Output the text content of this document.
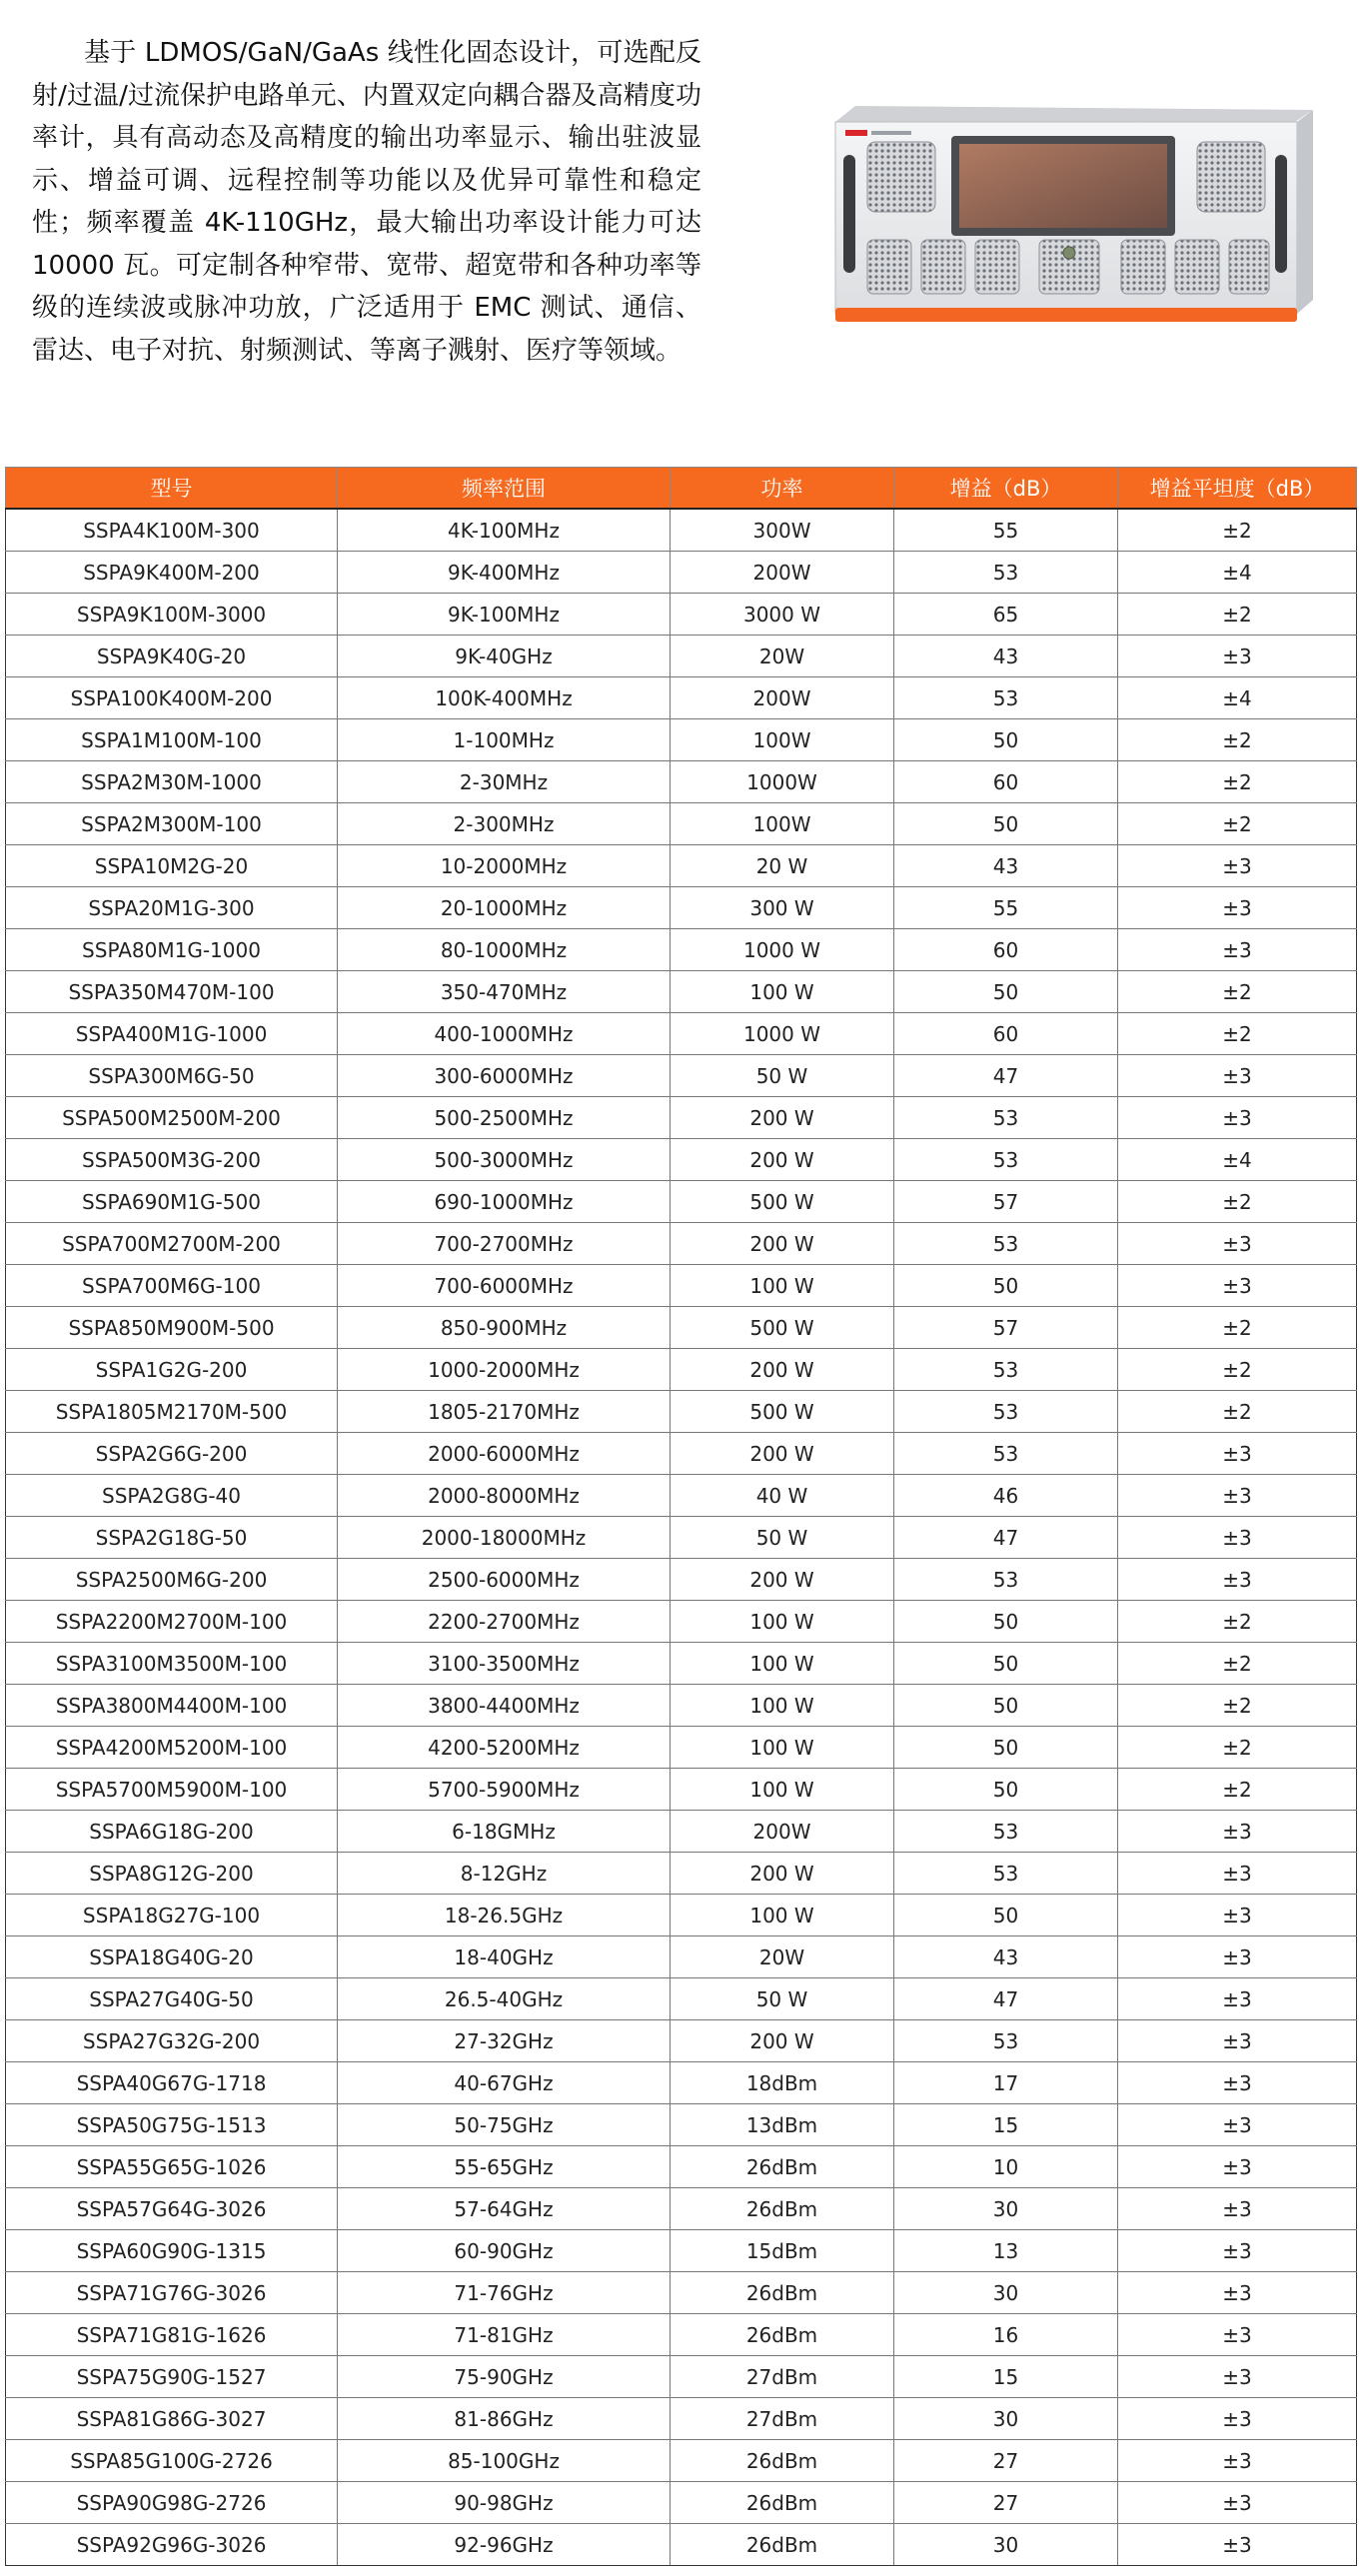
基于 LDMOS/GaN/GaAs 线性化固态设计，可选配反射/过温/过流保护电路单元、内置双定向耦合器及高精度功率计，具有高动态及高精度的输出功率显示、输出驻波显示、增益可调、远程控制等功能以及优异可靠性和稳定性；频率覆盖 4K-110GHz，最大输出功率设计能力可达 10000 瓦。可定制各种窄带、宽带、超宽带和各种功率等级的连续波或脉冲功放，广泛适用于 EMC 测试、通信、雷达、电子对抗、射频测试、等离子溅射、医疗等领域。

型号	频率范围	功率	增益（dB）	增益平坦度（dB）
SSPA4K100M-300	4K-100MHz	300W	55	±2
SSPA9K400M-200	9K-400MHz	200W	53	±4
SSPA9K100M-3000	9K-100MHz	3000 W	65	±2
SSPA9K40G-20	9K-40GHz	20W	43	±3
SSPA100K400M-200	100K-400MHz	200W	53	±4
SSPA1M100M-100	1-100MHz	100W	50	±2
SSPA2M30M-1000	2-30MHz	1000W	60	±2
SSPA2M300M-100	2-300MHz	100W	50	±2
SSPA10M2G-20	10-2000MHz	20 W	43	±3
SSPA20M1G-300	20-1000MHz	300 W	55	±3
SSPA80M1G-1000	80-1000MHz	1000 W	60	±3
SSPA350M470M-100	350-470MHz	100 W	50	±2
SSPA400M1G-1000	400-1000MHz	1000 W	60	±2
SSPA300M6G-50	300-6000MHz	50 W	47	±3
SSPA500M2500M-200	500-2500MHz	200 W	53	±3
SSPA500M3G-200	500-3000MHz	200 W	53	±4
SSPA690M1G-500	690-1000MHz	500 W	57	±2
SSPA700M2700M-200	700-2700MHz	200 W	53	±3
SSPA700M6G-100	700-6000MHz	100 W	50	±3
SSPA850M900M-500	850-900MHz	500 W	57	±2
SSPA1G2G-200	1000-2000MHz	200 W	53	±2
SSPA1805M2170M-500	1805-2170MHz	500 W	53	±2
SSPA2G6G-200	2000-6000MHz	200 W	53	±3
SSPA2G8G-40	2000-8000MHz	40 W	46	±3
SSPA2G18G-50	2000-18000MHz	50 W	47	±3
SSPA2500M6G-200	2500-6000MHz	200 W	53	±3
SSPA2200M2700M-100	2200-2700MHz	100 W	50	±2
SSPA3100M3500M-100	3100-3500MHz	100 W	50	±2
SSPA3800M4400M-100	3800-4400MHz	100 W	50	±2
SSPA4200M5200M-100	4200-5200MHz	100 W	50	±2
SSPA5700M5900M-100	5700-5900MHz	100 W	50	±2
SSPA6G18G-200	6-18GMHz	200W	53	±3
SSPA8G12G-200	8-12GHz	200 W	53	±3
SSPA18G27G-100	18-26.5GHz	100 W	50	±3
SSPA18G40G-20	18-40GHz	20W	43	±3
SSPA27G40G-50	26.5-40GHz	50 W	47	±3
SSPA27G32G-200	27-32GHz	200 W	53	±3
SSPA40G67G-1718	40-67GHz	18dBm	17	±3
SSPA50G75G-1513	50-75GHz	13dBm	15	±3
SSPA55G65G-1026	55-65GHz	26dBm	10	±3
SSPA57G64G-3026	57-64GHz	26dBm	30	±3
SSPA60G90G-1315	60-90GHz	15dBm	13	±3
SSPA71G76G-3026	71-76GHz	26dBm	30	±3
SSPA71G81G-1626	71-81GHz	26dBm	16	±3
SSPA75G90G-1527	75-90GHz	27dBm	15	±3
SSPA81G86G-3027	81-86GHz	27dBm	30	±3
SSPA85G100G-2726	85-100GHz	26dBm	27	±3
SSPA90G98G-2726	90-98GHz	26dBm	27	±3
SSPA92G96G-3026	92-96GHz	26dBm	30	±3
